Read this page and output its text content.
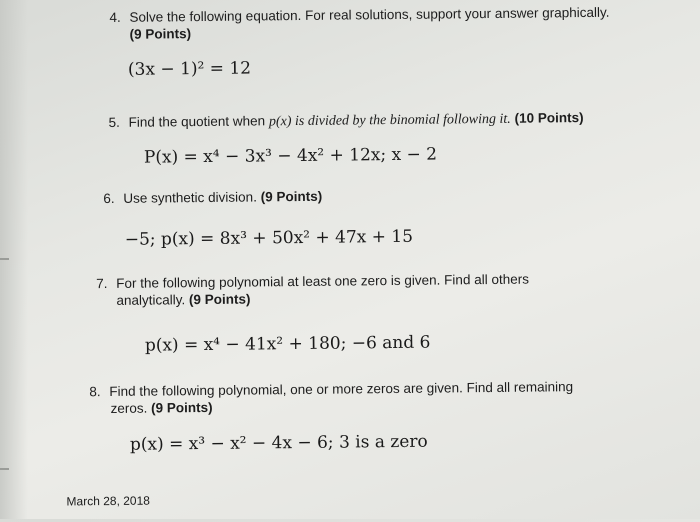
4. Solve the following equation. For real solutions, support your answer graphically.
(9 Points)
(3x − 1)² = 12
5. Find the quotient when p(x) is divided by the binomial following it. (10 Points)
P(x) = x⁴ − 3x³ − 4x² + 12x; x − 2
6. Use synthetic division. (9 Points)
−5; p(x) = 8x³ + 50x² + 47x + 15
7. For the following polynomial at least one zero is given. Find all others
analytically. (9 Points)
p(x) = x⁴ − 41x² + 180; −6 and 6
8. Find the following polynomial, one or more zeros are given. Find all remaining
zeros. (9 Points)
p(x) = x³ − x² − 4x − 6; 3 is a zero
March 28, 2018
